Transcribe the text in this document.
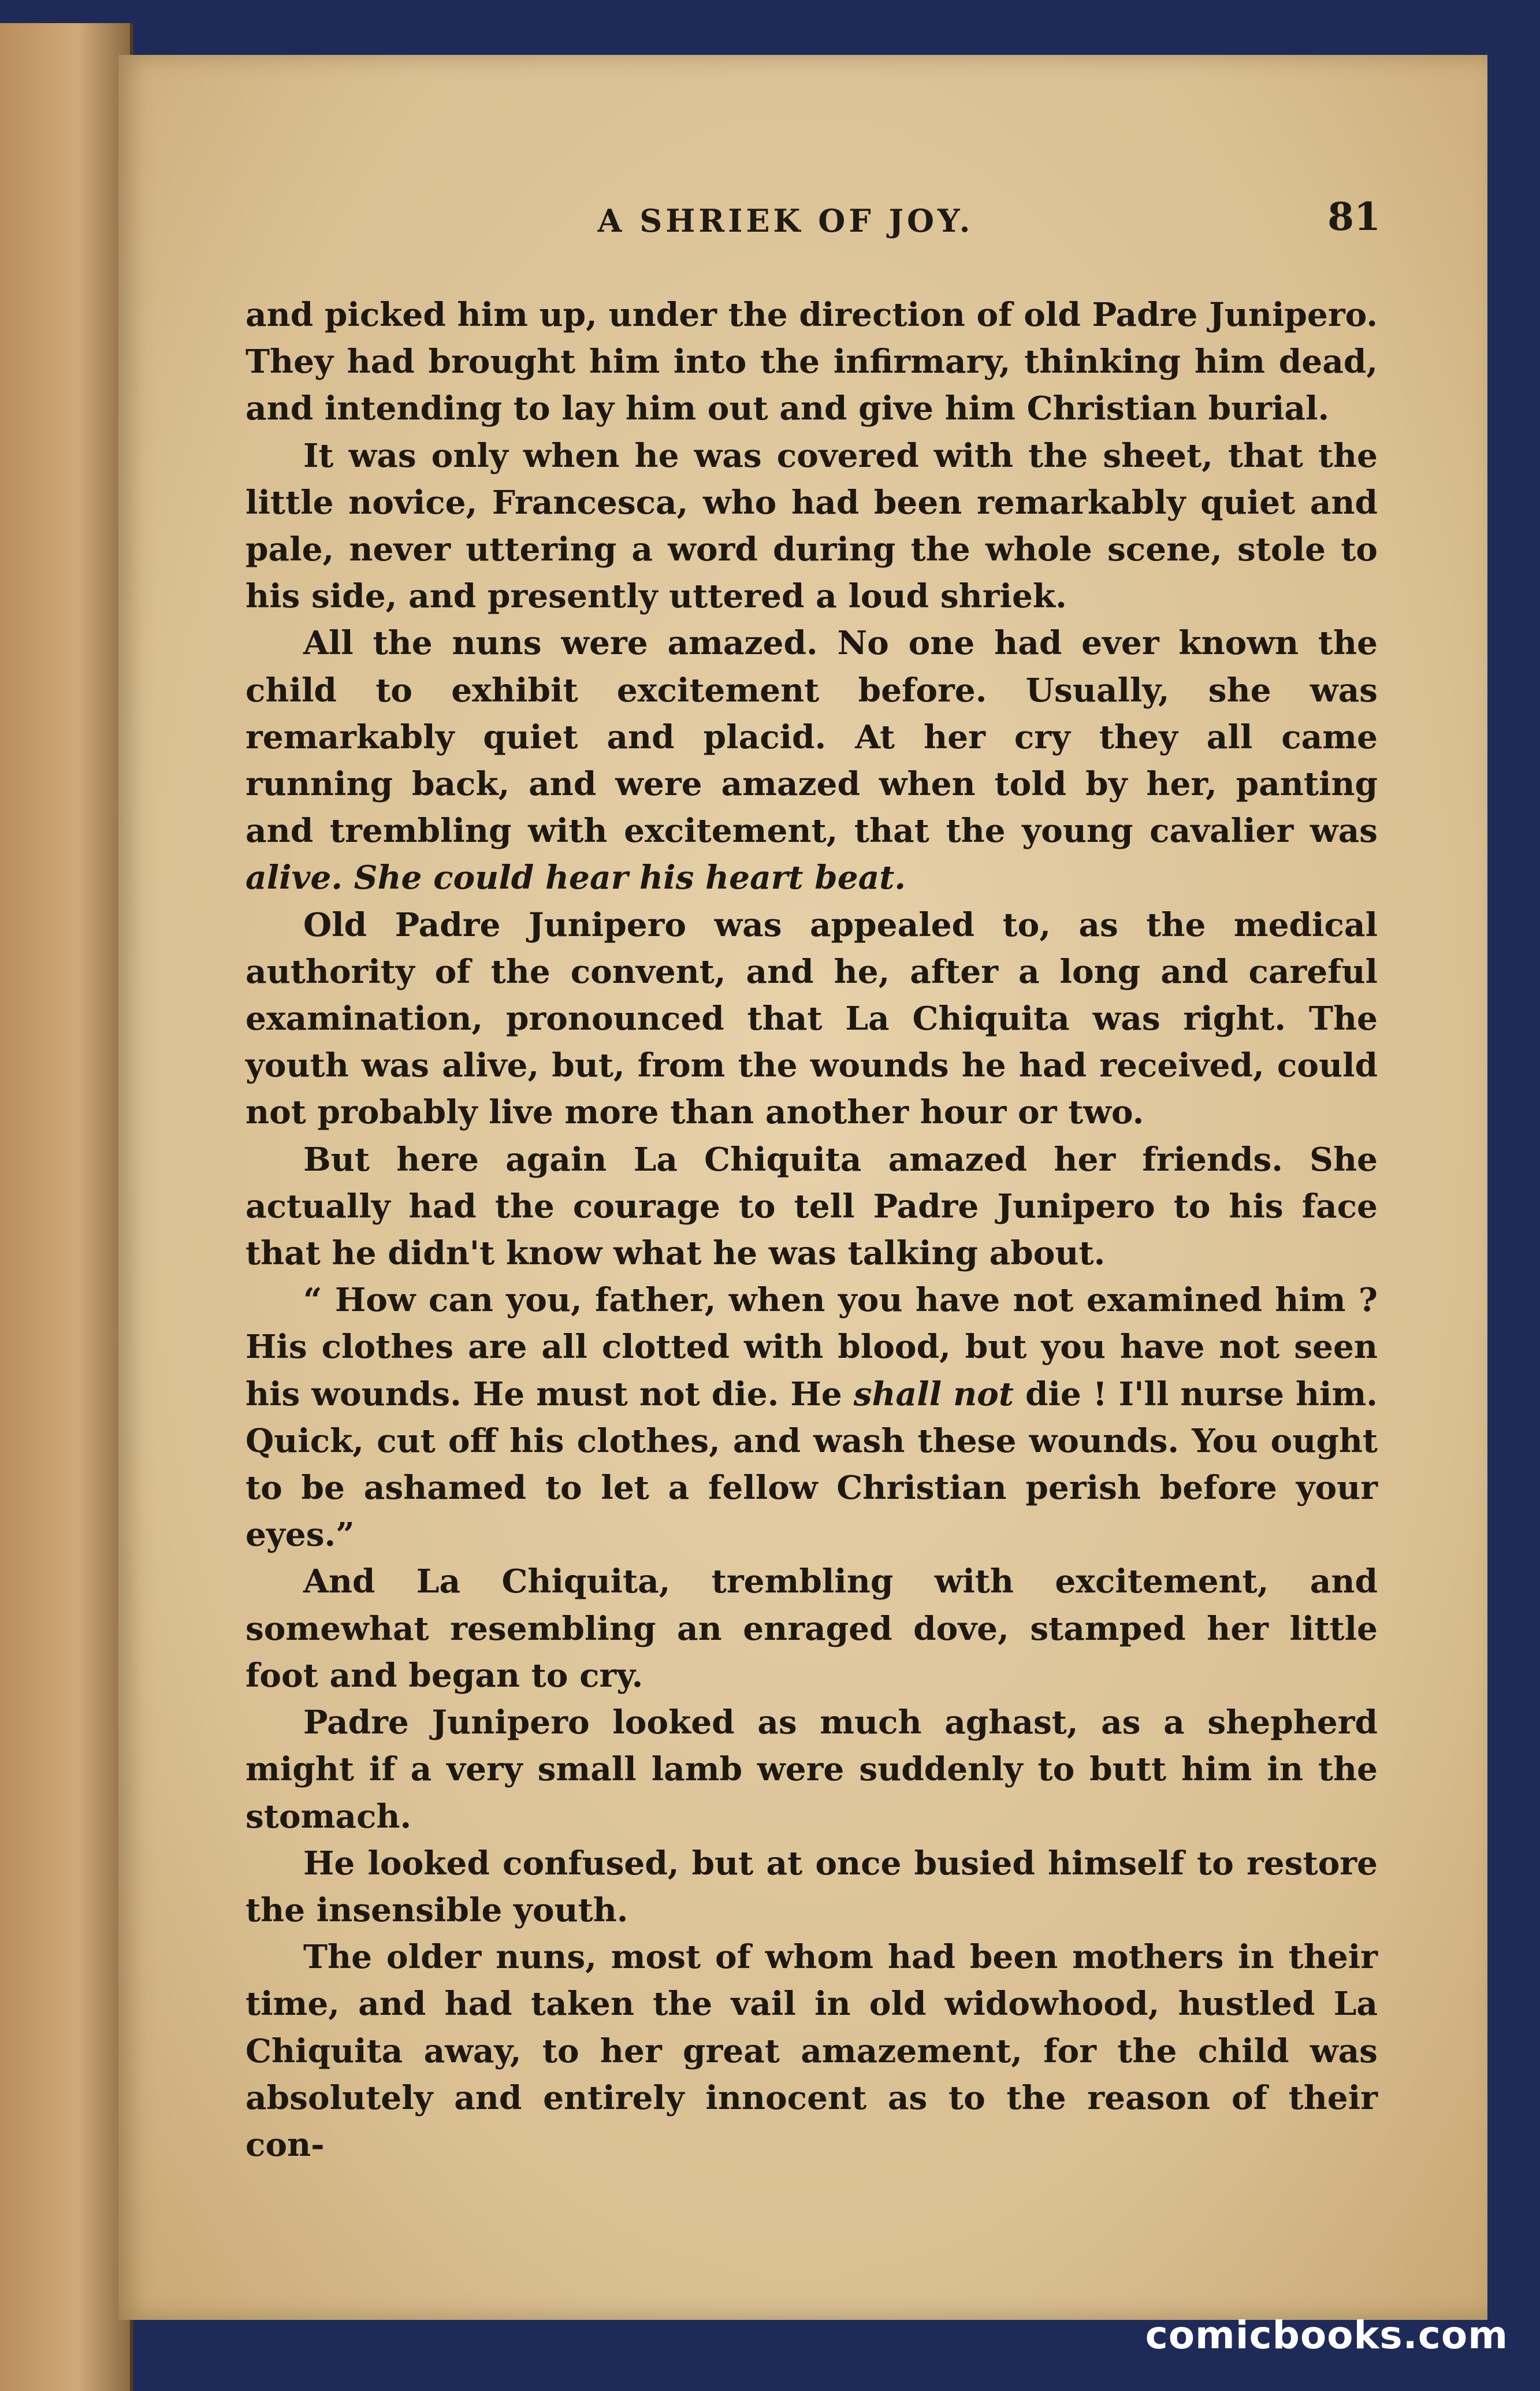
A SHRIEK OF JOY.	81

and picked him up, under the direction of old Padre Junipero. They had brought him into the infirmary, thinking him dead, and intending to lay him out and give him Christian burial.

It was only when he was covered with the sheet, that the little novice, Francesca, who had been remarkably quiet and pale, never uttering a word during the whole scene, stole to his side, and presently uttered a loud shriek.

All the nuns were amazed. No one had ever known the child to exhibit excitement before. Usually, she was remarkably quiet and placid. At her cry they all came running back, and were amazed when told by her, panting and trembling with excitement, that the young cavalier was alive. She could hear his heart beat.

Old Padre Junipero was appealed to, as the medical authority of the convent, and he, after a long and careful examination, pronounced that La Chiquita was right. The youth was alive, but, from the wounds he had received, could not probably live more than another hour or two.

But here again La Chiquita amazed her friends. She actually had the courage to tell Padre Junipero to his face that he didn't know what he was talking about.

“ How can you, father, when you have not examined him ? His clothes are all clotted with blood, but you have not seen his wounds. He must not die. He shall not die ! I'll nurse him. Quick, cut off his clothes, and wash these wounds. You ought to be ashamed to let a fellow Christian perish before your eyes.”

And La Chiquita, trembling with excitement, and somewhat resembling an enraged dove, stamped her little foot and began to cry.

Padre Junipero looked as much aghast, as a shepherd might if a very small lamb were suddenly to butt him in the stomach.

He looked confused, but at once busied himself to restore the insensible youth.

The older nuns, most of whom had been mothers in their time, and had taken the vail in old widowhood, hustled La Chiquita away, to her great amazement, for the child was absolutely and entirely innocent as to the reason of their con-

comicbooks.com
